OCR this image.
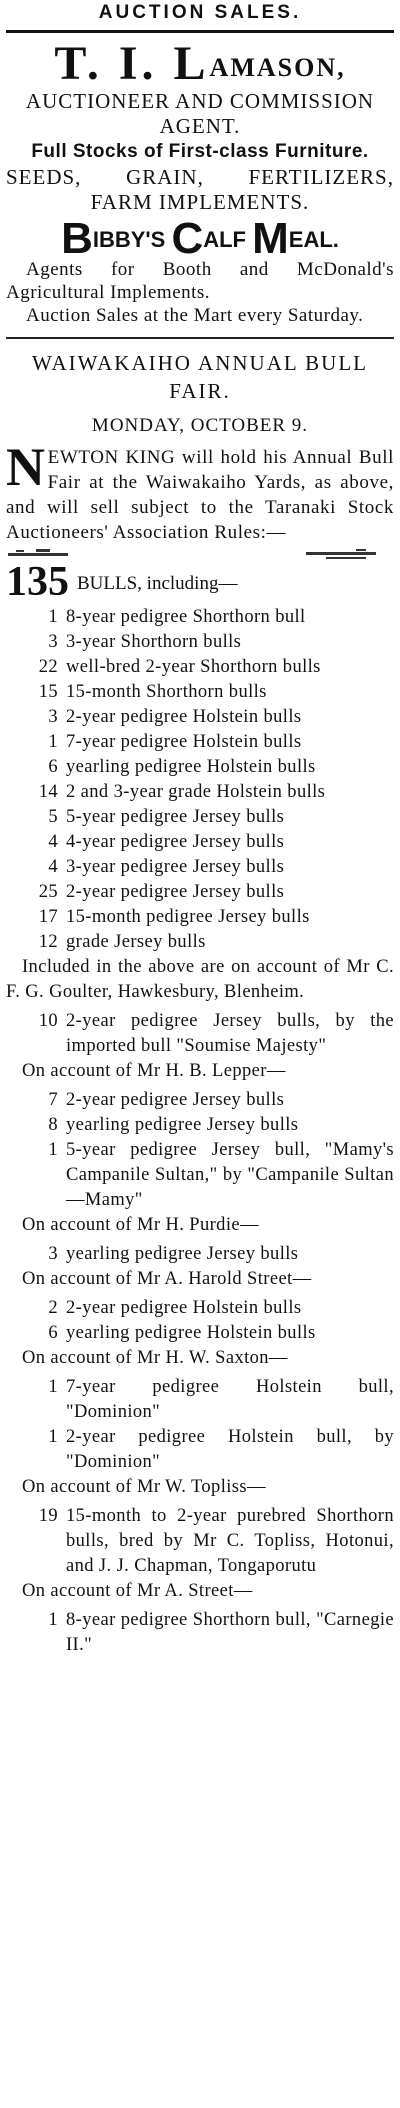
AUCTION SALES.
T. I. $L^{AMASON,}$
AUCTIONEER AND COMMISSION
AGENT.
Full Stocks of First-class Furniture.
SEEDS, GRAIN, FERTILIZERS,
FARM IMPLEMENTS.
BIBBY'S CALF MEAL.
Agents for Booth and McDonald's Agricultural Implements.
Auction Sales at the Mart every Saturday.
WAIWAKAIHO ANNUAL BULL
FAIR.
MONDAY, OCTOBER 9.
NEWTON KING will hold his Annual Bull Fair at the Waiwakaiho Yards, as above, and will sell subject to the Taranaki Stock Auctioneers' Association Rules:—
135 BULLS, including—
1 8-year pedigree Shorthorn bull
3 3-year Shorthorn bulls
22 well-bred 2-year Shorthorn bulls
15 15-month Shorthorn bulls
3 2-year pedigree Holstein bulls
1 7-year pedigree Holstein bulls
6 yearling pedigree Holstein bulls
14 2 and 3-year grade Holstein bulls
5 5-year pedigree Jersey bulls
4 4-year pedigree Jersey bulls
4 3-year pedigree Jersey bulls
25 2-year pedigree Jersey bulls
17 15-month pedigree Jersey bulls
12 grade Jersey bulls
Included in the above are on account of Mr C. F. G. Goulter, Hawkesbury, Blenheim.
10 2-year pedigree Jersey bulls, by the imported bull "Soumise Majesty"
On account of Mr H. B. Lepper—
7 2-year pedigree Jersey bulls
8 yearling pedigree Jersey bulls
1 5-year pedigree Jersey bull, "Mamy's Campanile Sultan," by "Campanile Sultan—Mamy"
On account of Mr H. Purdie—
3 yearling pedigree Jersey bulls
On account of Mr A. Harold Street—
2 2-year pedigree Holstein bulls
6 yearling pedigree Holstein bulls
On account of Mr H. W. Saxton—
1 7-year pedigree Holstein bull, "Dominion"
1 2-year pedigree Holstein bull, by "Dominion"
On account of Mr W. Topliss—
19 15-month to 2-year purebred Shorthorn bulls, bred by Mr C. Topliss, Hotonui, and J. J. Chapman, Tongaporutu
On account of Mr A. Street—
1 8-year pedigree Shorthorn bull, "Carnegie II."
